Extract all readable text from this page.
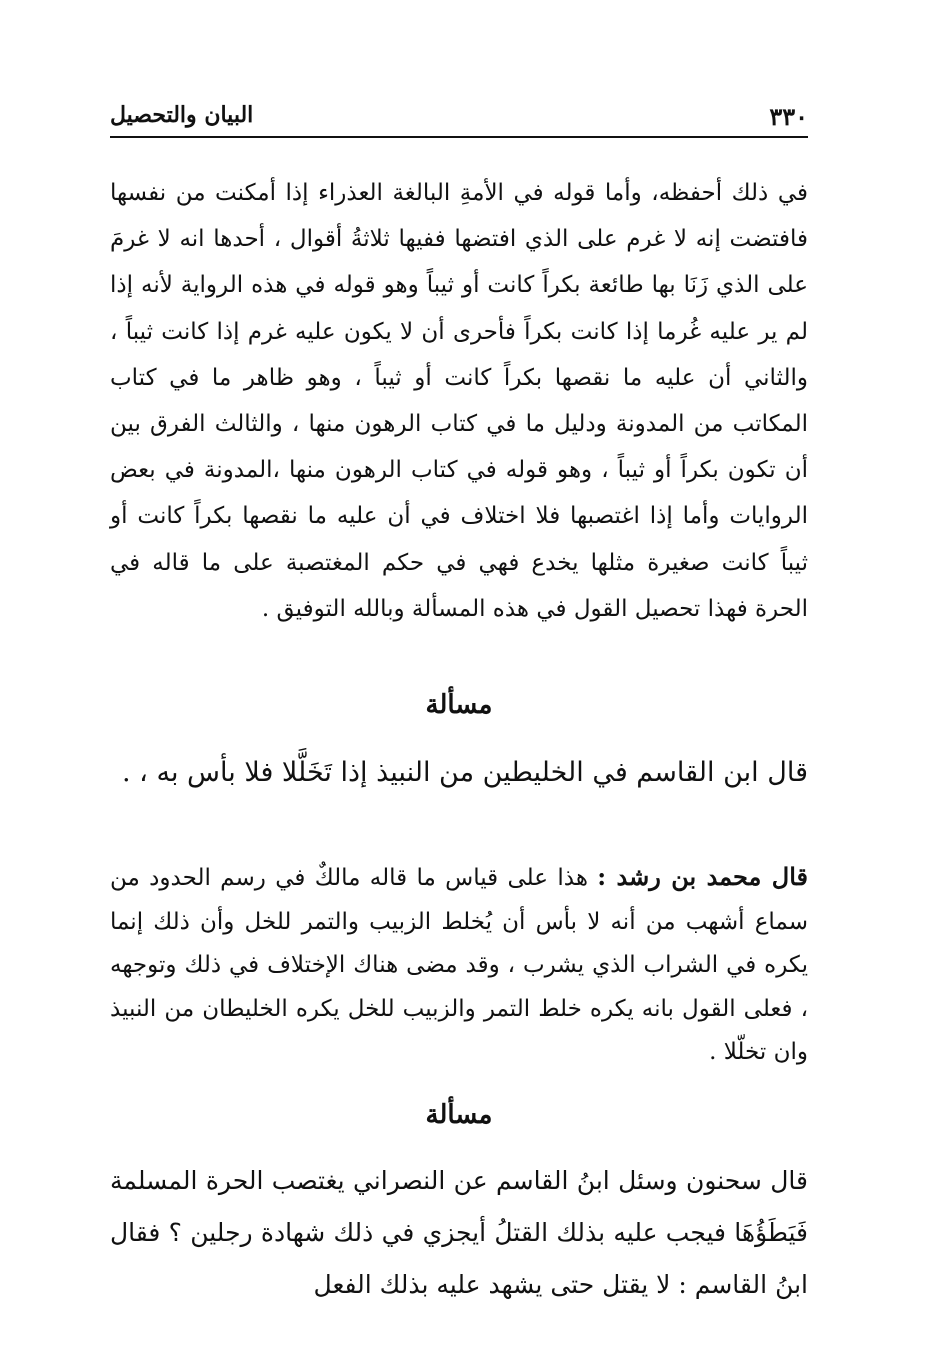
٣٣٠
البيان والتحصيل
في ذلك أحفظه، وأما قوله في الأمةِ البالغة العذراء إذا أمكنت من نفسها فافتضت إنه لا غرم على الذي افتضها ففيها ثلاثةُ أقوال ، أحدها انه لا غرمَ على الذي زَنَا بها طائعة بكراً كانت أو ثيباً وهو قوله في هذه الرواية لأنه إذا لم ير عليه غُرما إذا كانت بكراً فأحرى أن لا يكون عليه غرم إذا كانت ثيباً ، والثاني أن عليه ما نقصها بكراً كانت أو ثيباً ، وهو ظاهر ما في كتاب المكاتب من المدونة ودليل ما في كتاب الرهون منها ، والثالث الفرق بين أن تكون بكراً أو ثيباً ، وهو قوله في كتاب الرهون منها ،المدونة في بعض الروايات وأما إذا اغتصبها فلا اختلاف في أن عليه ما نقصها بكراً كانت أو ثيباً كانت صغيرة مثلها يخدع فهي في حكم المغتصبة على ما قاله في الحرة فهذا تحصيل القول في هذه المسألة وبالله التوفيق .
مسألة
قال ابن القاسم في الخليطين من النبيذ إذا تَخَلَّلا فلا بأس به ، .
قال محمد بن رشد : هذا على قياس ما قاله مالكٌ في رسم الحدود من سماع أشهب من أنه لا بأس أن يُخلط الزبيب والتمر للخل وأن ذلك إنما يكره في الشراب الذي يشرب ، وقد مضى هناك الإختلاف في ذلك وتوجهه ، فعلى القول بانه يكره خلط التمر والزبيب للخل يكره الخليطان من النبيذ وان تخلّلا .
مسألة
قال سحنون وسئل ابنُ القاسم عن النصراني يغتصب الحرة المسلمة فَيَطَؤُهَا فيجب عليه بذلك القتلُ أيجزي في ذلك شهادة رجلين ؟ فقال ابنُ القاسم : لا يقتل حتى يشهد عليه بذلك الفعل
